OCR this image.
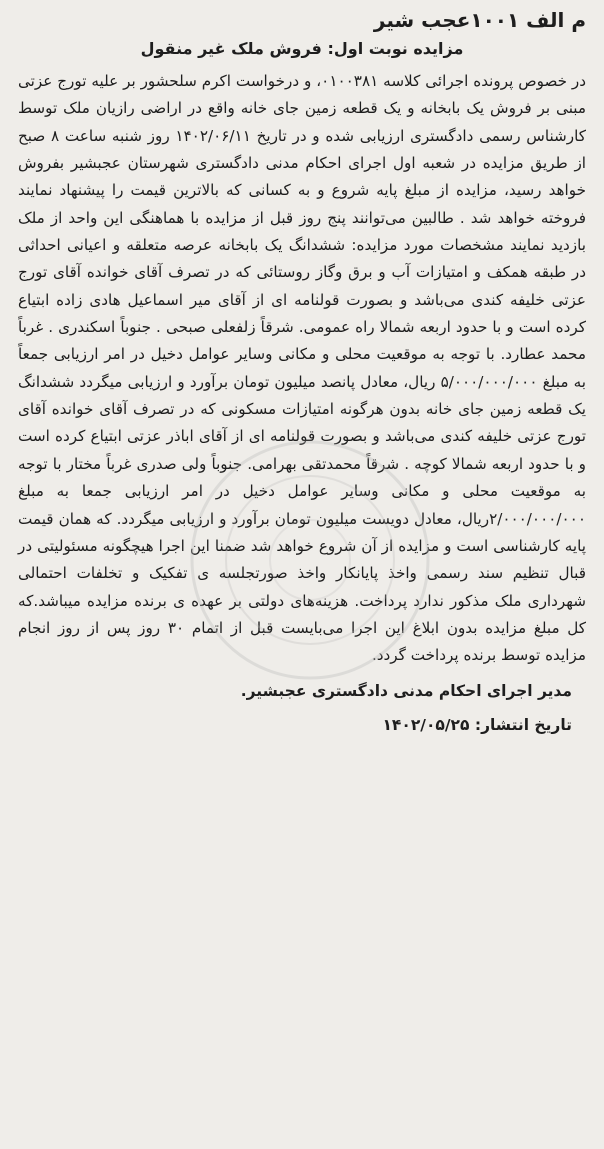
م الف ۱۰۰۱عجب شیر
مزایده نوبت اول: فروش ملک غیر منقول

در خصوص پرونده اجرائی کلاسه ۰۱۰۰۳۸۱، و درخواست اکرم سلحشور بر علیه تورج عزتی مبنی بر فروش یک بابخانه و یک قطعه زمین جای خانه واقع در اراضی رازیان ملک توسط کارشناس رسمی دادگستری ارزیابی شده و در تاریخ ۱۴۰۲/۰۶/۱۱ روز شنبه ساعت ۸ صبح از طریق مزایده در شعبه اول اجرای احکام مدنی دادگستری شهرستان عجبشیر بفروش خواهد رسید، مزایده از مبلغ پایه شروع و به کسانی که بالاترین قیمت را پیشنهاد نمایند فروخته خواهد شد . طالبین می‌توانند پنج روز قبل از مزایده با هماهنگی این واحد از ملک بازدید نمایند مشخصات مورد مزایده: ششدانگ یک بابخانه عرصه متعلقه و اعیانی احداثی در طبقه همکف و امتیازات آب و برق وگاز روستائی که در تصرف آقای خوانده آقای تورج عزتی خلیفه کندی می‌باشد و بصورت قولنامه ای از آقای میر اسماعیل هادی زاده ابتیاع کرده است و با حدود اربعه شمالا راه عمومی. شرقاً زلفعلی صبحی . جنوباً اسکندری . غرباً محمد عطارد. با توجه به موقعیت محلی و مکانی وسایر عوامل دخیل در امر ارزیابی جمعاً به مبلغ ۵/۰۰۰/۰۰۰/۰۰۰ ریال، معادل پانصد میلیون تومان برآورد و ارزیابی میگردد ششدانگ یک قطعه زمین جای خانه بدون هرگونه امتیازات مسکونی که در تصرف آقای خوانده آقای تورج عزتی خلیفه کندی می‌باشد و بصورت قولنامه ای از آقای اباذر عزتی ابتیاع کرده است و با حدود اربعه شمالا کوچه . شرقاً محمدتقی بهرامی. جنوباً ولی صدری غرباً مختار با توجه به موقعیت محلی و مکانی وسایر عوامل دخیل در امر ارزیابی جمعا به مبلغ ۲/۰۰۰/۰۰۰/۰۰۰ریال، معادل دویست میلیون تومان برآورد و ارزیابی میگردد. که همان قیمت پایه کارشناسی است و مزایده از آن شروع خواهد شد ضمنا این اجرا هیچگونه مسئولیتی در قبال تنظیم سند رسمی واخذ پایانکار واخذ صورتجلسه ی تفکیک و تخلفات احتمالی شهرداری ملک مذکور ندارد پرداخت. هزینه‌های دولتی بر عهده ی برنده مزایده میباشد.که کل مبلغ مزایده بدون ابلاغ این اجرا می‌بایست قبل از اتمام ۳۰ روز پس از روز انجام مزایده توسط برنده پرداخت گردد.

مدیر اجرای احکام مدنی دادگستری عجبشیر.
تاریخ انتشار: ۱۴۰۲/۰۵/۲۵
